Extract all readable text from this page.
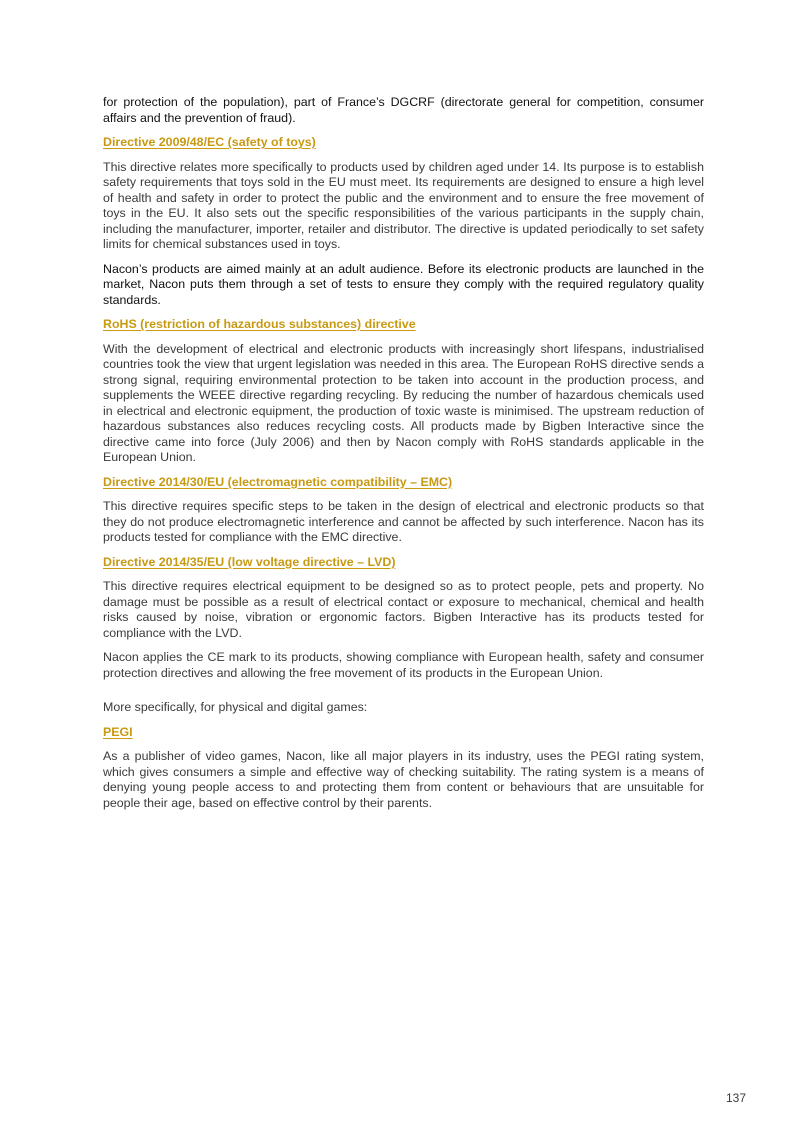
for protection of the population), part of France’s DGCRF (directorate general for competition, consumer affairs and the prevention of fraud).

Directive 2009/48/EC (safety of toys)

This directive relates more specifically to products used by children aged under 14. Its purpose is to establish safety requirements that toys sold in the EU must meet. Its requirements are designed to ensure a high level of health and safety in order to protect the public and the environment and to ensure the free movement of toys in the EU. It also sets out the specific responsibilities of the various participants in the supply chain, including the manufacturer, importer, retailer and distributor. The directive is updated periodically to set safety limits for chemical substances used in toys.

Nacon’s products are aimed mainly at an adult audience. Before its electronic products are launched in the market, Nacon puts them through a set of tests to ensure they comply with the required regulatory quality standards.

RoHS (restriction of hazardous substances) directive

With the development of electrical and electronic products with increasingly short lifespans, industrialised countries took the view that urgent legislation was needed in this area. The European RoHS directive sends a strong signal, requiring environmental protection to be taken into account in the production process, and supplements the WEEE directive regarding recycling. By reducing the number of hazardous chemicals used in electrical and electronic equipment, the production of toxic waste is minimised. The upstream reduction of hazardous substances also reduces recycling costs. All products made by Bigben Interactive since the directive came into force (July 2006) and then by Nacon comply with RoHS standards applicable in the European Union.

Directive 2014/30/EU (electromagnetic compatibility – EMC)

This directive requires specific steps to be taken in the design of electrical and electronic products so that they do not produce electromagnetic interference and cannot be affected by such interference. Nacon has its products tested for compliance with the EMC directive.

Directive 2014/35/EU (low voltage directive – LVD)

This directive requires electrical equipment to be designed so as to protect people, pets and property. No damage must be possible as a result of electrical contact or exposure to mechanical, chemical and health risks caused by noise, vibration or ergonomic factors. Bigben Interactive has its products tested for compliance with the LVD.

Nacon applies the CE mark to its products, showing compliance with European health, safety and consumer protection directives and allowing the free movement of its products in the European Union.

More specifically, for physical and digital games:

PEGI

As a publisher of video games, Nacon, like all major players in its industry, uses the PEGI rating system, which gives consumers a simple and effective way of checking suitability. The rating system is a means of denying young people access to and protecting them from content or behaviours that are unsuitable for people their age, based on effective control by their parents.

137
